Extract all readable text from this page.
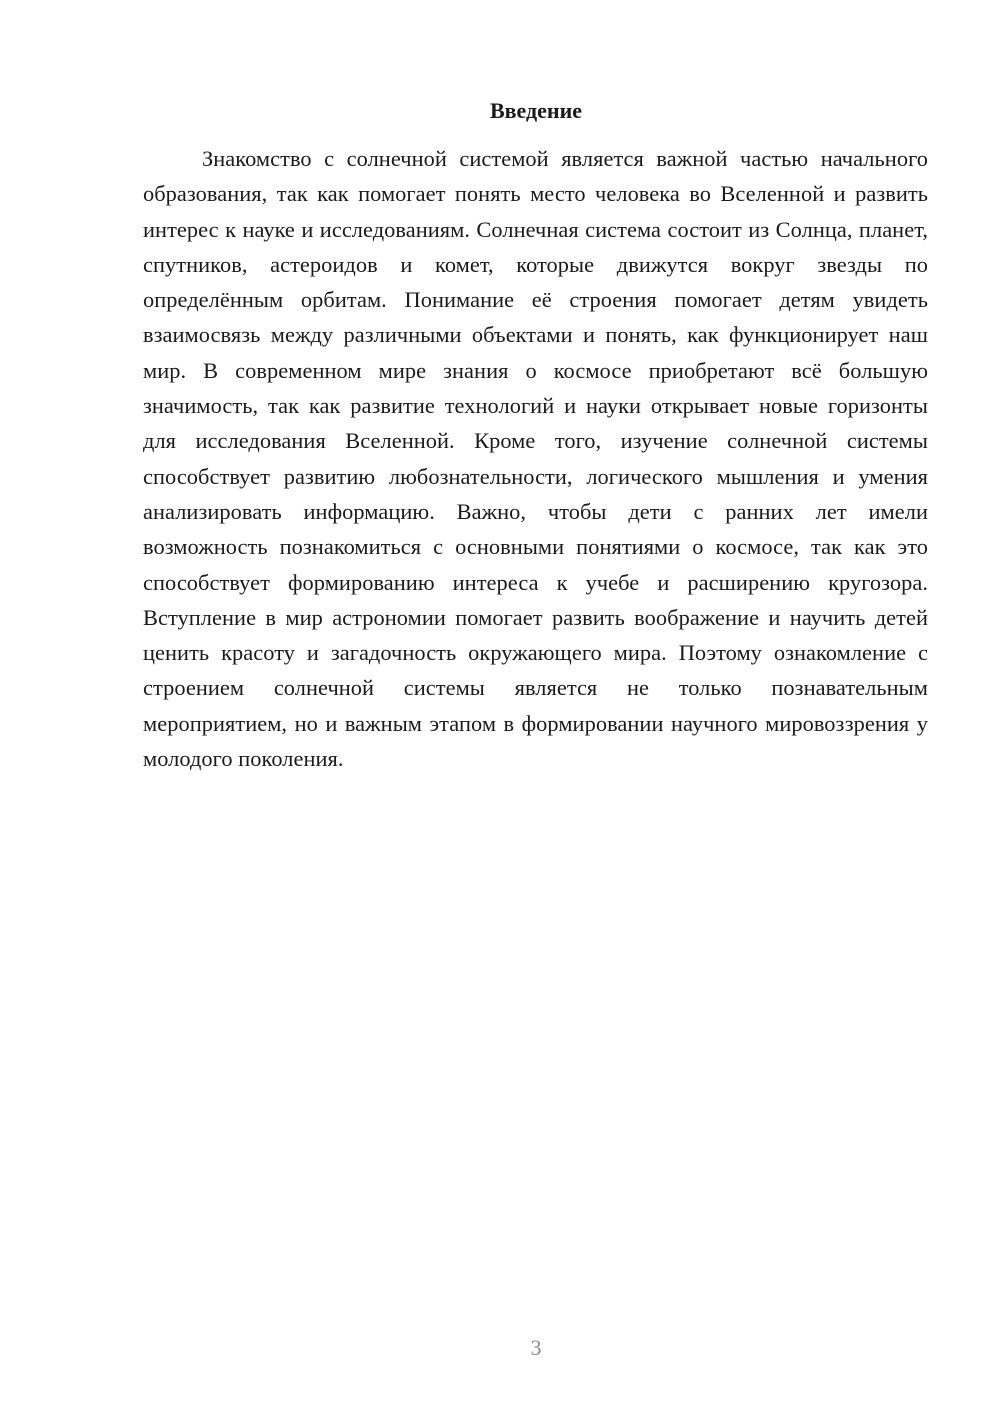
Введение

Знакомство с солнечной системой является важной частью начального образования, так как помогает понять место человека во Вселенной и развить интерес к науке и исследованиям. Солнечная система состоит из Солнца, планет, спутников, астероидов и комет, которые движутся вокруг звезды по определённым орбитам. Понимание её строения помогает детям увидеть взаимосвязь между различными объектами и понять, как функционирует наш мир. В современном мире знания о космосе приобретают всё большую значимость, так как развитие технологий и науки открывает новые горизонты для исследования Вселенной. Кроме того, изучение солнечной системы способствует развитию любознательности, логического мышления и умения анализировать информацию. Важно, чтобы дети с ранних лет имели возможность познакомиться с основными понятиями о космосе, так как это способствует формированию интереса к учебе и расширению кругозора. Вступление в мир астрономии помогает развить воображение и научить детей ценить красоту и загадочность окружающего мира. Поэтому ознакомление с строением солнечной системы является не только познавательным мероприятием, но и важным этапом в формировании научного мировоззрения у молодого поколения.

3
